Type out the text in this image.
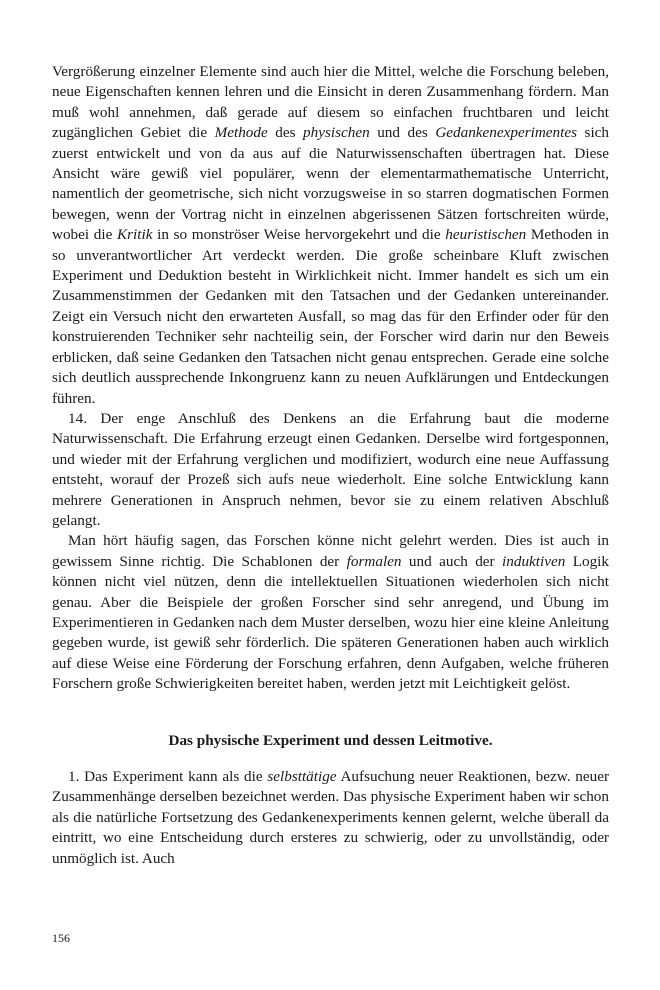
Vergrößerung einzelner Elemente sind auch hier die Mittel, welche die Forschung beleben, neue Eigenschaften kennen lehren und die Einsicht in deren Zusammenhang fördern. Man muß wohl annehmen, daß gerade auf diesem so einfachen fruchtbaren und leicht zugänglichen Gebiet die Methode des physischen und des Gedankenexperimentes sich zuerst entwickelt und von da aus auf die Naturwissenschaften übertragen hat. Diese Ansicht wäre gewiß viel populärer, wenn der elementarmathematische Unterricht, namentlich der geometrische, sich nicht vorzugsweise in so starren dogmatischen Formen bewegen, wenn der Vortrag nicht in einzelnen abgerissenen Sätzen fortschreiten würde, wobei die Kritik in so monströser Weise hervorgekehrt und die heuristischen Methoden in so unverantwortlicher Art verdeckt werden. Die große scheinbare Kluft zwischen Experiment und Deduktion besteht in Wirklichkeit nicht. Immer handelt es sich um ein Zusammenstimmen der Gedanken mit den Tatsachen und der Gedanken untereinander. Zeigt ein Versuch nicht den erwarteten Ausfall, so mag das für den Erfinder oder für den konstruierenden Techniker sehr nachteilig sein, der Forscher wird darin nur den Beweis erblicken, daß seine Gedanken den Tatsachen nicht genau entsprechen. Gerade eine solche sich deutlich aussprechende Inkongruenz kann zu neuen Aufklärungen und Entdeckungen führen.

14. Der enge Anschluß des Denkens an die Erfahrung baut die moderne Naturwissenschaft. Die Erfahrung erzeugt einen Gedanken. Derselbe wird fortgesponnen, und wieder mit der Erfahrung verglichen und modifiziert, wodurch eine neue Auffassung entsteht, worauf der Prozeß sich aufs neue wiederholt. Eine solche Entwicklung kann mehrere Generationen in Anspruch nehmen, bevor sie zu einem relativen Abschluß gelangt.

Man hört häufig sagen, das Forschen könne nicht gelehrt werden. Dies ist auch in gewissem Sinne richtig. Die Schablonen der formalen und auch der induktiven Logik können nicht viel nützen, denn die intellektuellen Situationen wiederholen sich nicht genau. Aber die Beispiele der großen Forscher sind sehr anregend, und Übung im Experimentieren in Gedanken nach dem Muster derselben, wozu hier eine kleine Anleitung gegeben wurde, ist gewiß sehr förderlich. Die späteren Generationen haben auch wirklich auf diese Weise eine Förderung der Forschung erfahren, denn Aufgaben, welche früheren Forschern große Schwierigkeiten bereitet haben, werden jetzt mit Leichtigkeit gelöst.

Das physische Experiment und dessen Leitmotive.

1. Das Experiment kann als die selbsttätige Aufsuchung neuer Reaktionen, bezw. neuer Zusammenhänge derselben bezeichnet werden. Das physische Experiment haben wir schon als die natürliche Fortsetzung des Gedankenexperiments kennen gelernt, welche überall da eintritt, wo eine Entscheidung durch ersteres zu schwierig, oder zu unvollständig, oder unmöglich ist. Auch

156
